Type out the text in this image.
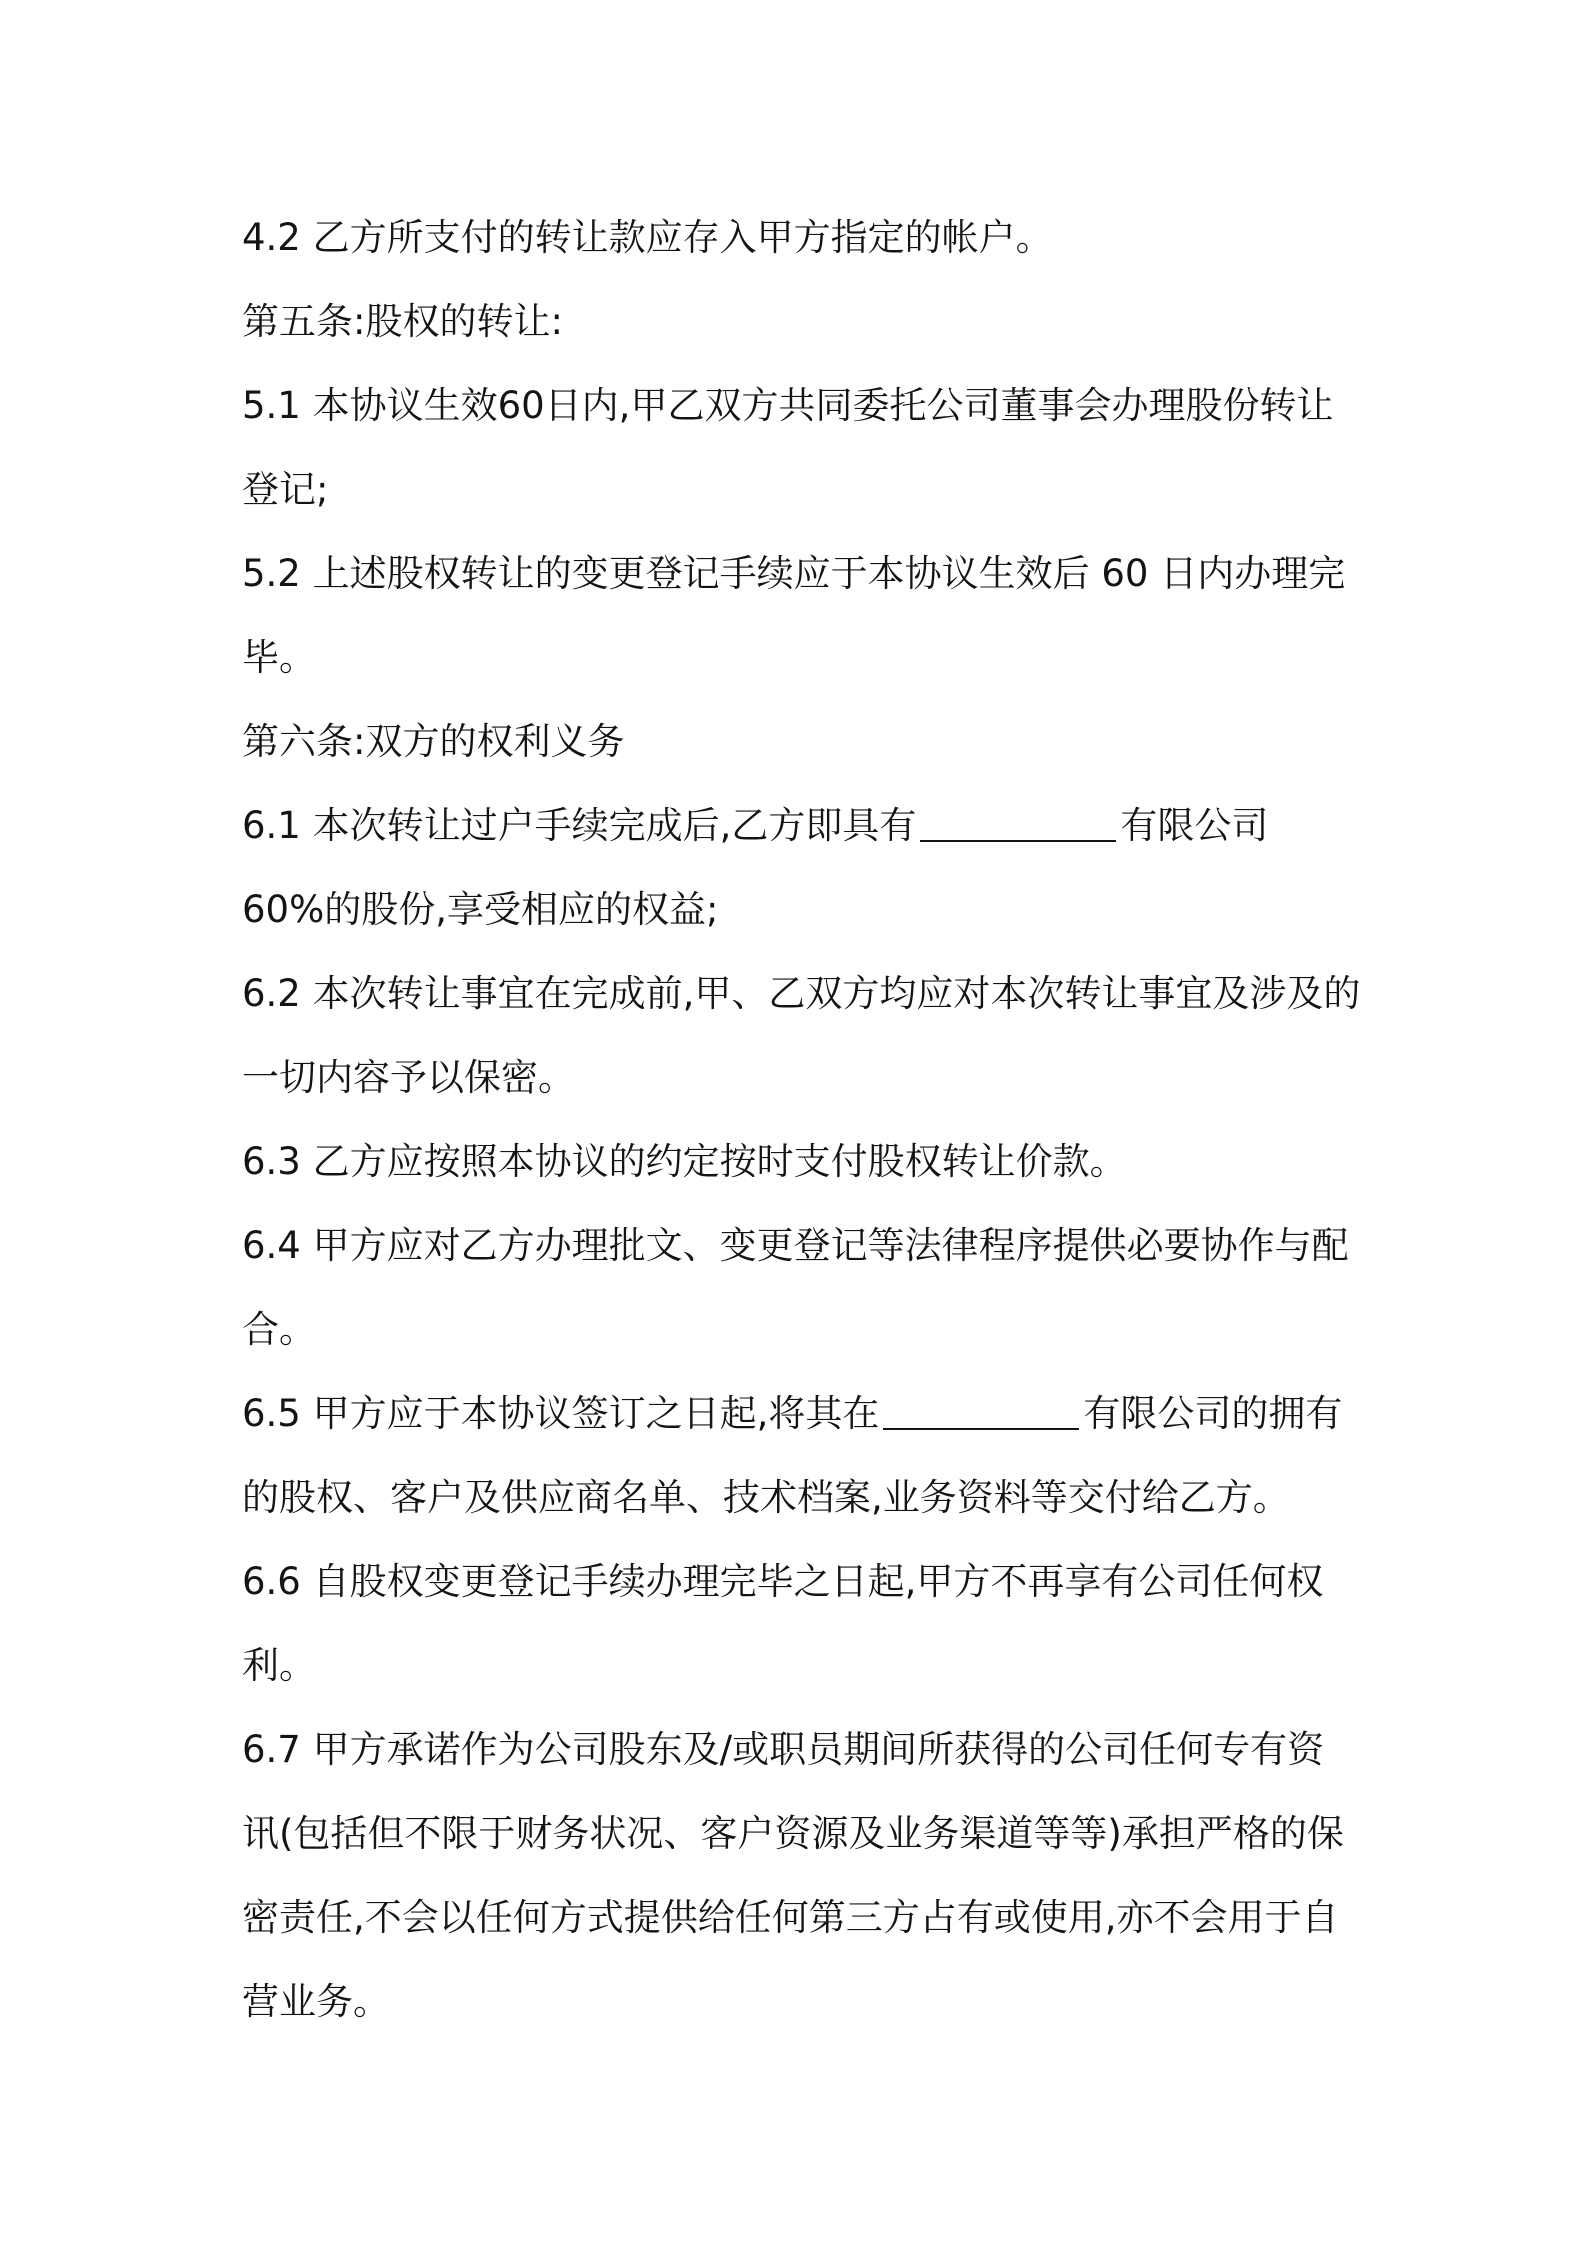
4.2 乙方所支付的转让款应存入甲方指定的帐户。
第五条:股权的转让:
5.1 本协议生效60日内,甲乙双方共同委托公司董事会办理股份转让
登记;
5.2 上述股权转让的变更登记手续应于本协议生效后 60 日内办理完
毕。
第六条:双方的权利义务
6.1 本次转让过户手续完成后,乙方即具有	有限公司
60%的股份,享受相应的权益;
6.2 本次转让事宜在完成前,甲、乙双方均应对本次转让事宜及涉及的
一切内容予以保密。
6.3 乙方应按照本协议的约定按时支付股权转让价款。
6.4 甲方应对乙方办理批文、变更登记等法律程序提供必要协作与配
合。
6.5 甲方应于本协议签订之日起,将其在	有限公司的拥有
的股权、客户及供应商名单、技术档案,业务资料等交付给乙方。
6.6 自股权变更登记手续办理完毕之日起,甲方不再享有公司任何权
利。
6.7 甲方承诺作为公司股东及/或职员期间所获得的公司任何专有资
讯(包括但不限于财务状况、客户资源及业务渠道等等)承担严格的保
密责任,不会以任何方式提供给任何第三方占有或使用,亦不会用于自
营业务。
